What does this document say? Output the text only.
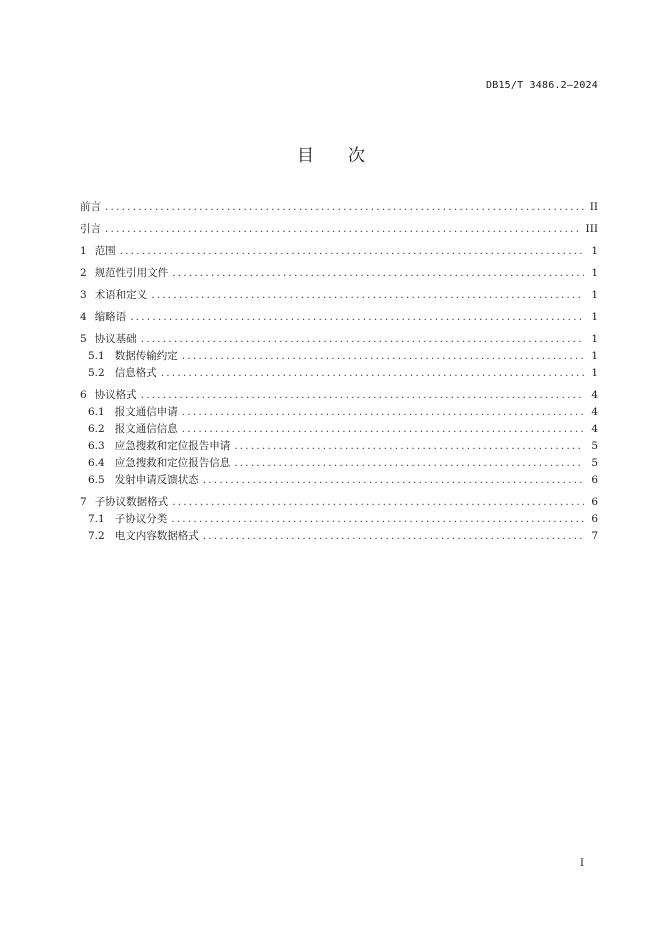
DB15/T 3486.2—2024
目 次
前言 .....	II
引言 .....	III
1 范围 .....	1
2 规范性引用文件 .....	1
3 术语和定义 .....	1
4 缩略语 .....	1
5 协议基础 .....	1
5.1 数据传输约定 .....	1
5.2 信息格式 .....	1
6 协议格式 .....	4
6.1 报文通信申请 .....	4
6.2 报文通信信息 .....	4
6.3 应急搜救和定位报告申请 .....	5
6.4 应急搜救和定位报告信息 .....	5
6.5 发射申请反馈状态 .....	6
7 子协议数据格式 .....	6
7.1 子协议分类 .....	6
7.2 电文内容数据格式 .....	7
I
